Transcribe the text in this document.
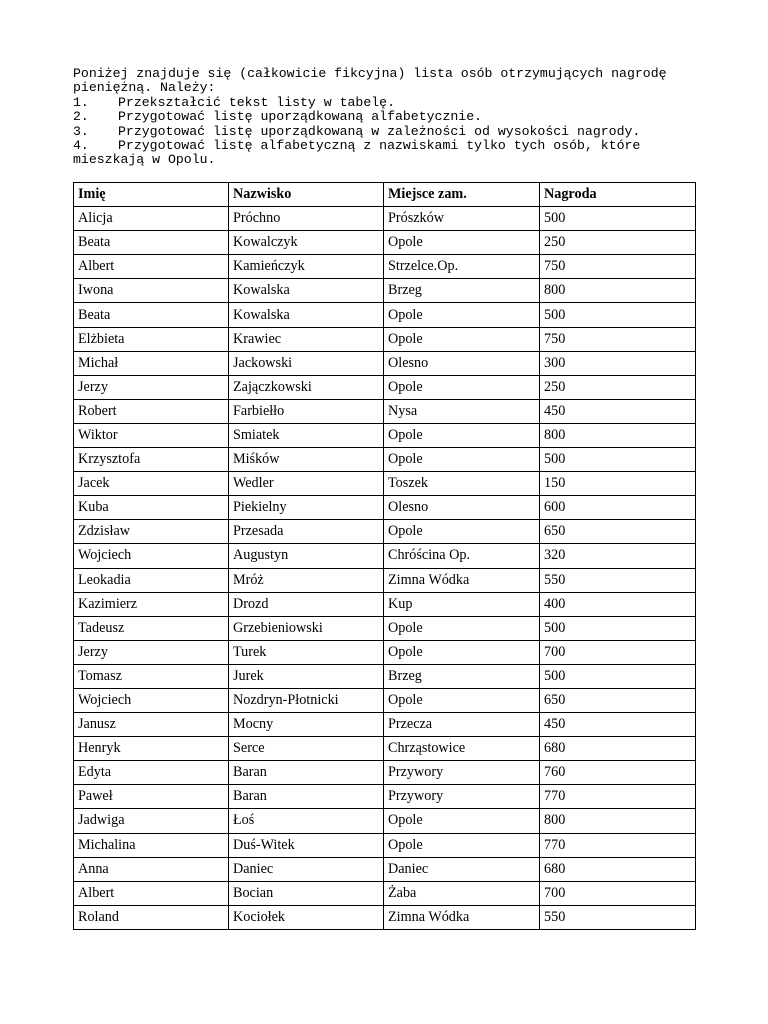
Poniżej znajduje się (całkowicie fikcyjna) lista osób otrzymujących nagrodę pieniężną. Należy:

1. Przekształcić tekst listy w tabelę.
2. Przygotować listę uporządkowaną alfabetycznie.
3. Przygotować listę uporządkowaną w zależności od wysokości nagrody.
4. Przygotować listę alfabetyczną z nazwiskami tylko tych osób, które mieszkają w Opolu.
Imię	Nazwisko	Miejsce zam.	Nagroda
Alicja	Próchno	Prószków	500
Beata	Kowalczyk	Opole	250
Albert	Kamieńczyk	Strzelce.Op.	750
Iwona	Kowalska	Brzeg	800
Beata	Kowalska	Opole	500
Elżbieta	Krawiec	Opole	750
Michał	Jackowski	Olesno	300
Jerzy	Zajączkowski	Opole	250
Robert	Farbiełło	Nysa	450
Wiktor	Smiatek	Opole	800
Krzysztofa	Miśków	Opole	500
Jacek	Wedler	Toszek	150
Kuba	Piekielny	Olesno	600
Zdzisław	Przesada	Opole	650
Wojciech	Augustyn	Chróścina Op.	320
Leokadia	Mróż	Zimna Wódka	550
Kazimierz	Drozd	Kup	400
Tadeusz	Grzebieniowski	Opole	500
Jerzy	Turek	Opole	700
Tomasz	Jurek	Brzeg	500
Wojciech	Nozdryn-Płotnicki	Opole	650
Janusz	Mocny	Przecza	450
Henryk	Serce	Chrząstowice	680
Edyta	Baran	Przywory	760
Paweł	Baran	Przywory	770
Jadwiga	Łoś	Opole	800
Michalina	Duś-Witek	Opole	770
Anna	Daniec	Daniec	680
Albert	Bocian	Żaba	700
Roland	Kociołek	Zimna Wódka	550
